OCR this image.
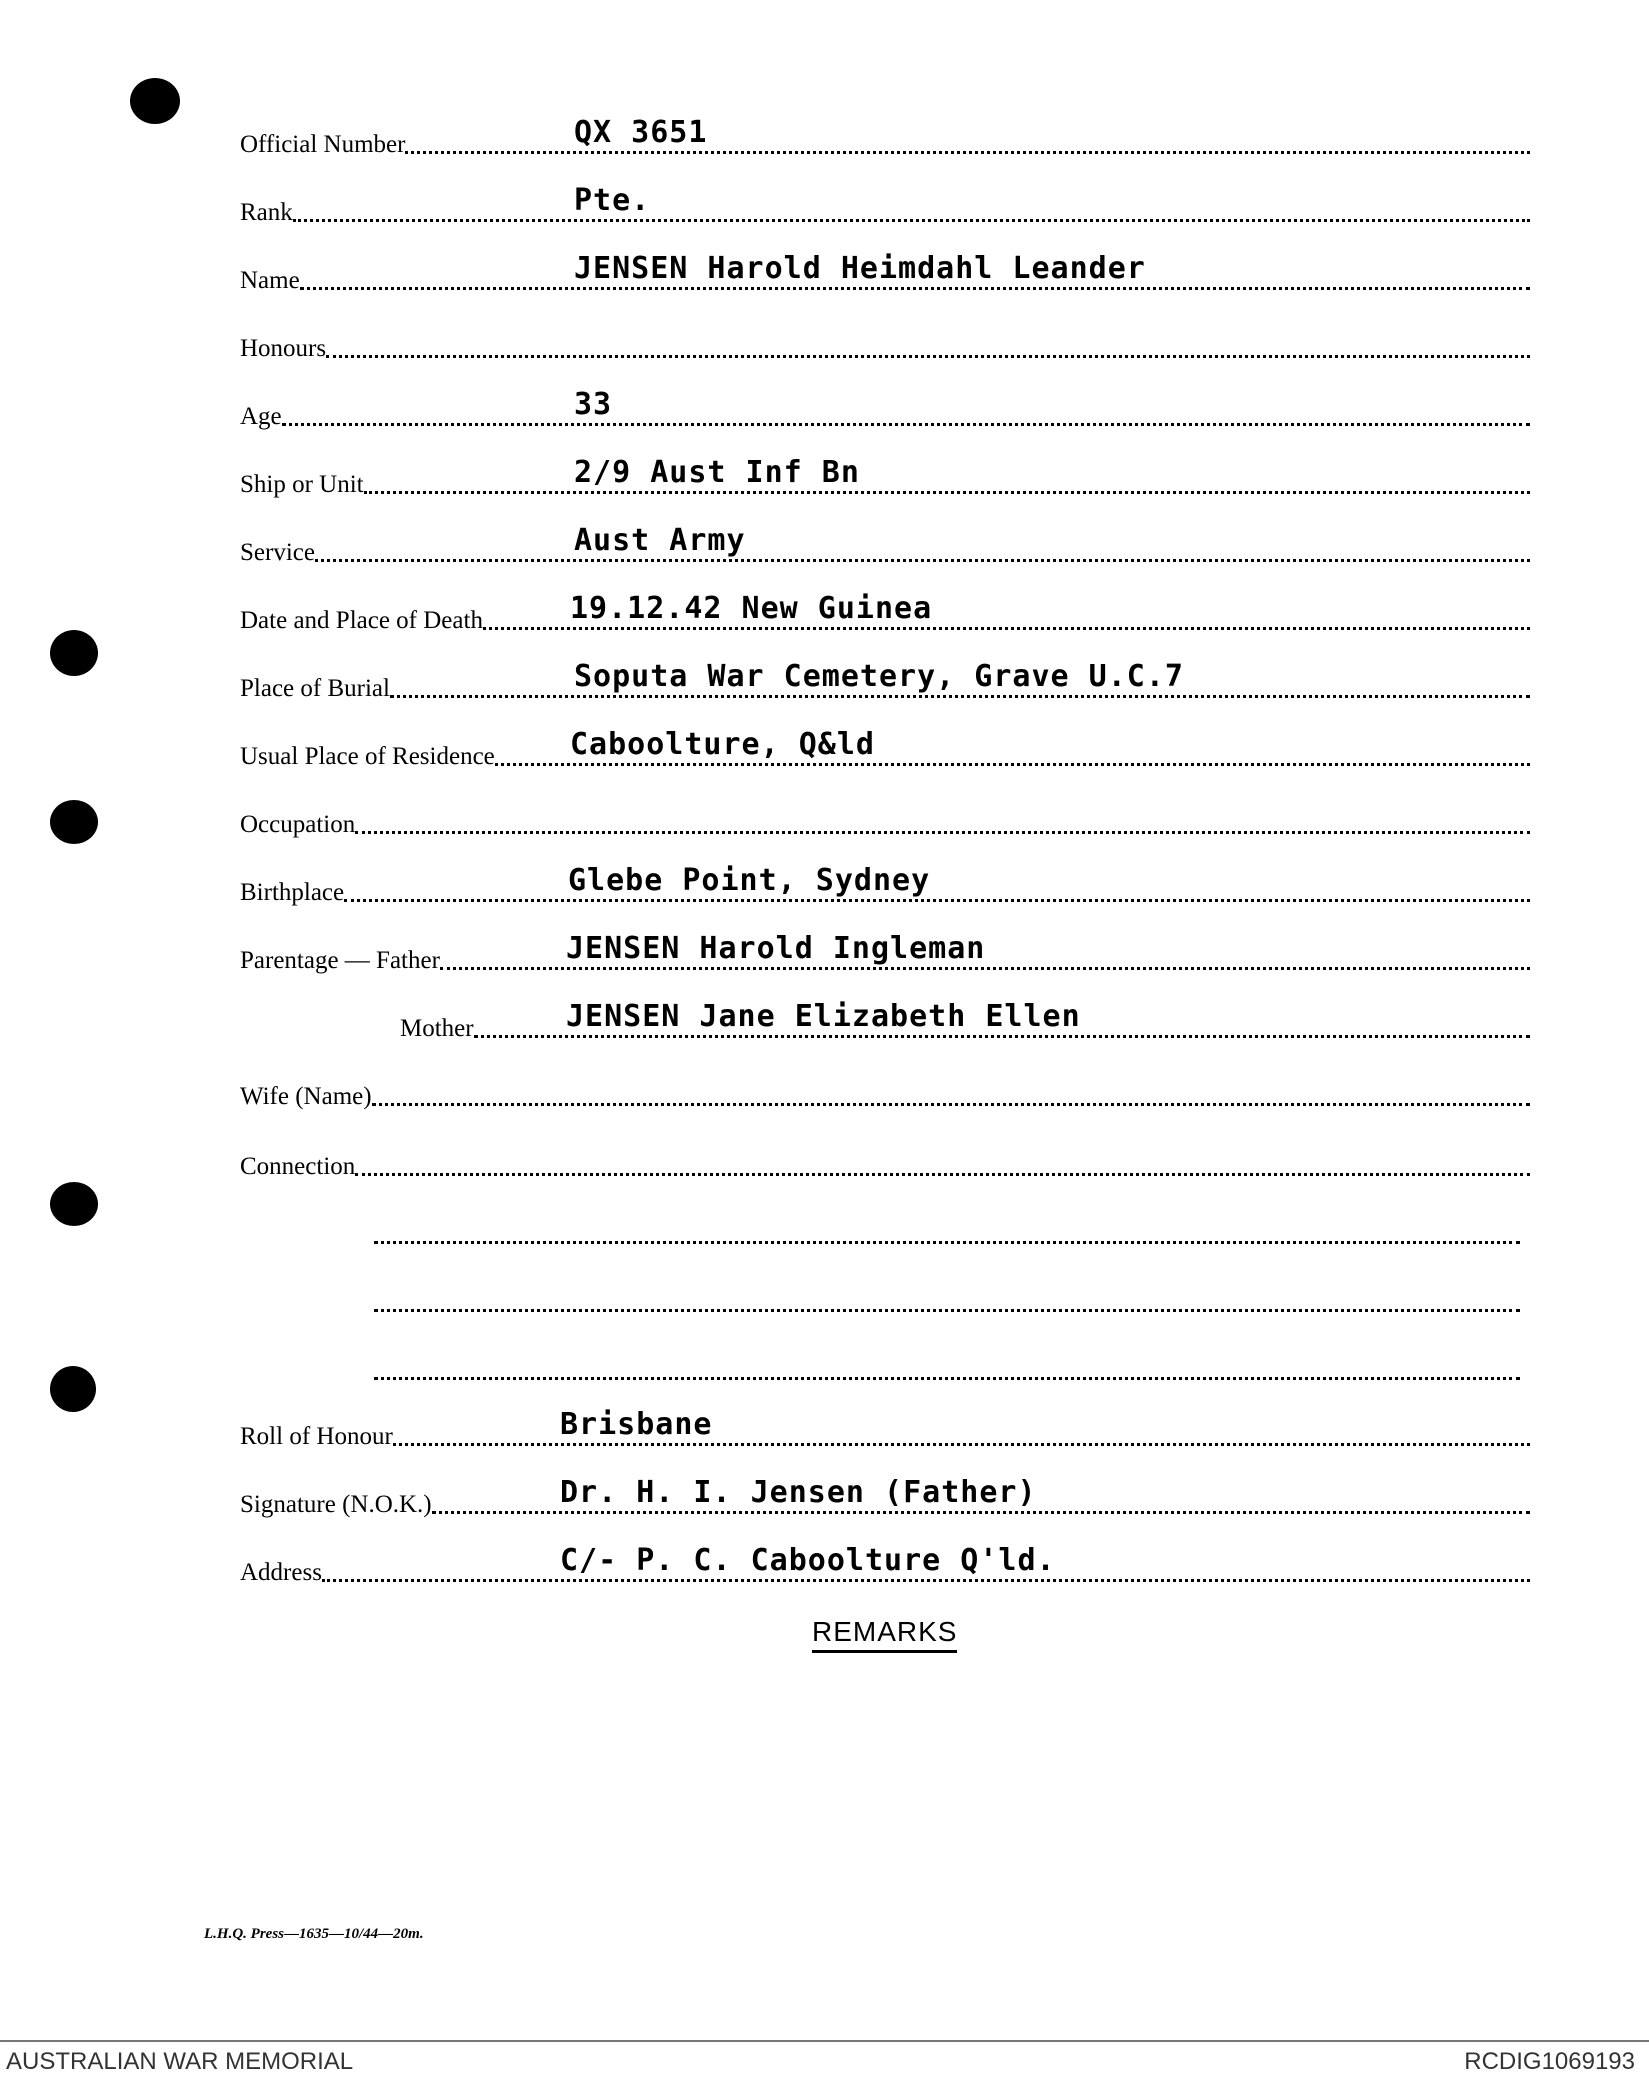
Official Number	QX 3651
Rank	Pte.
Name	JENSEN Harold Heimdahl Leander
Honours
Age	33
Ship or Unit	2/9 Aust Inf Bn
Service	Aust Army
Date and Place of Death	19.12.42 New Guinea
Place of Burial	Soputa War Cemetery, Grave U.C.7
Usual Place of Residence	Caboolture, Q&ld
Occupation
Birthplace	Glebe Point, Sydney
Parentage — Father	JENSEN Harold Ingleman
Mother	JENSEN Jane Elizabeth Ellen
Wife (Name)
Connection
Roll of Honour	Brisbane
Signature (N.O.K.)	Dr. H. I. Jensen (Father)
Address	C/- P. C. Caboolture Q'ld.
REMARKS
L.H.Q. Press—1635—10/44—20m.
AUSTRALIAN WAR MEMORIAL	RCDIG1069193
